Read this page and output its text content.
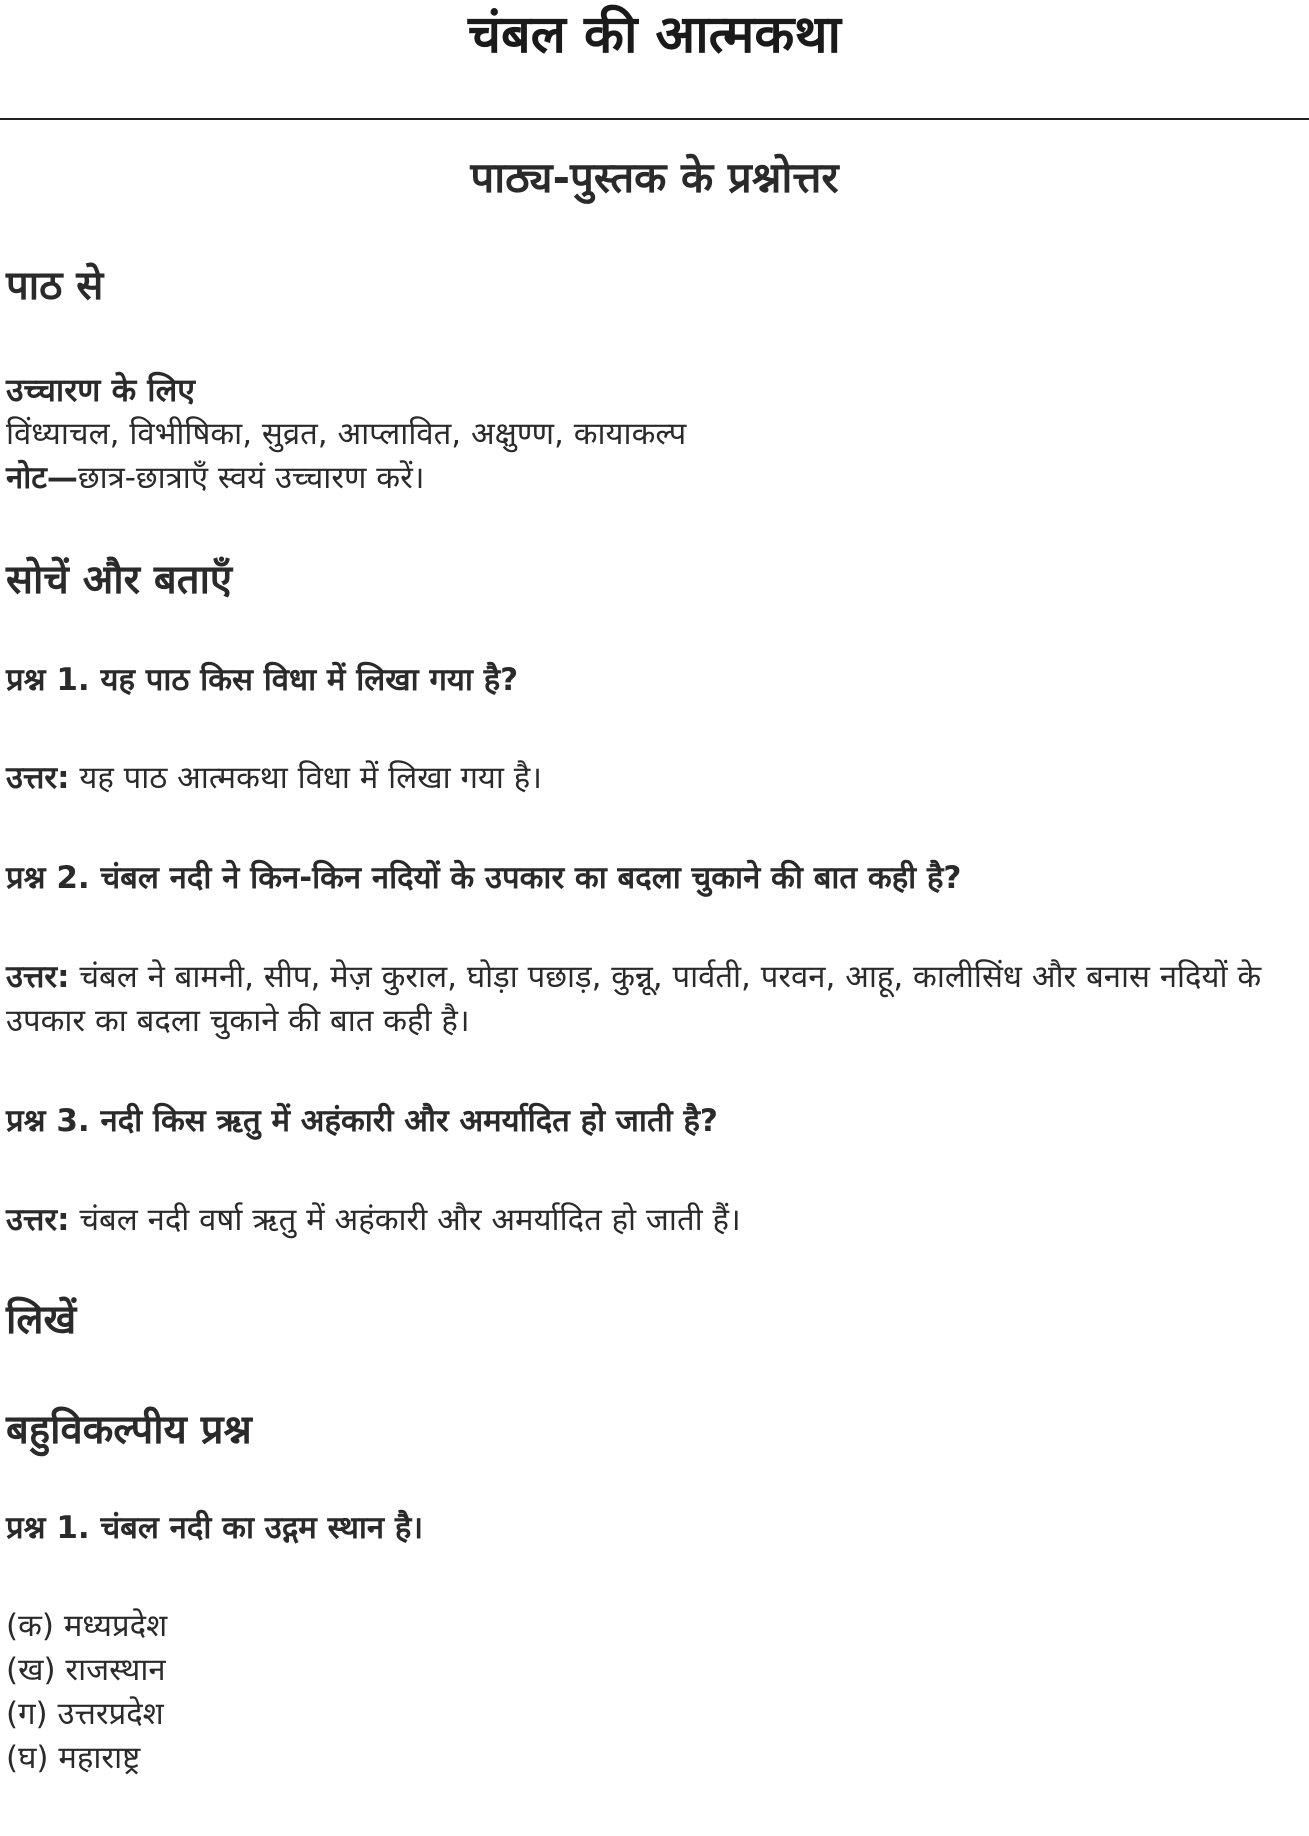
चंबल की आत्मकथा
पाठ्य-पुस्तक के प्रश्नोत्तर
पाठ से
उच्चारण के लिए
विंध्याचल, विभीषिका, सुव्रत, आप्लावित, अक्षुण्ण, कायाकल्प
नोट—छात्र-छात्राएँ स्वयं उच्चारण करें।
सोचें और बताएँ
प्रश्न 1. यह पाठ किस विधा में लिखा गया है?
उत्तर: यह पाठ आत्मकथा विधा में लिखा गया है।
प्रश्न 2. चंबल नदी ने किन-किन नदियों के उपकार का बदला चुकाने की बात कही है?
उत्तर: चंबल ने बामनी, सीप, मेज़ कुराल, घोड़ा पछाड़, कुन्नू, पार्वती, परवन, आहू, कालीसिंध और बनास नदियों के उपकार का बदला चुकाने की बात कही है।
प्रश्न 3. नदी किस ऋतु में अहंकारी और अमर्यादित हो जाती है?
उत्तर: चंबल नदी वर्षा ऋतु में अहंकारी और अमर्यादित हो जाती हैं।
लिखें
बहुविकल्पीय प्रश्न
प्रश्न 1. चंबल नदी का उद्गम स्थान है।
(क) मध्यप्रदेश
(ख) राजस्थान
(ग) उत्तरप्रदेश
(घ) महाराष्ट्र
